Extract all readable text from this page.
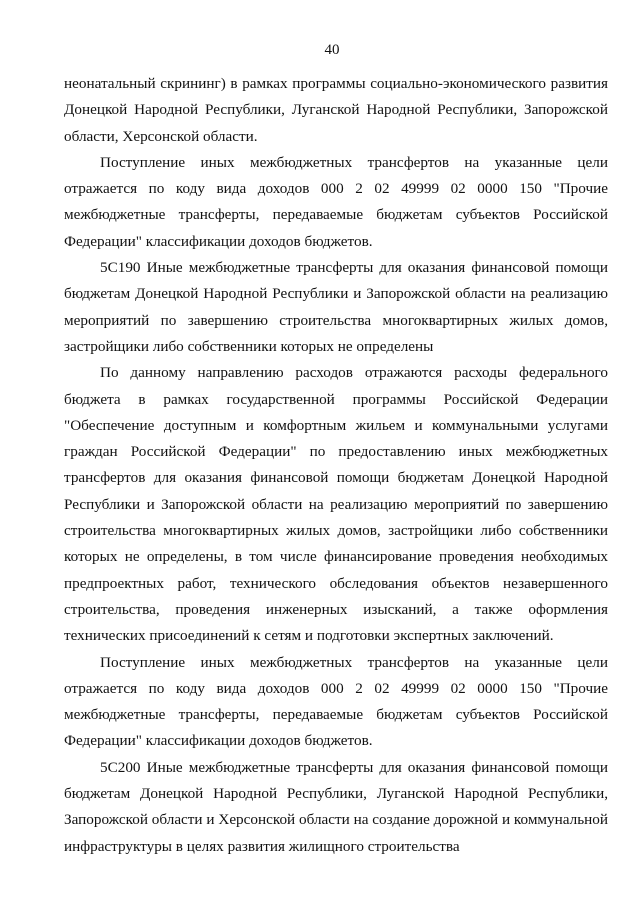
40

неонатальный скрининг) в рамках программы социально-экономического развития Донецкой Народной Республики, Луганской Народной Республики, Запорожской области, Херсонской области.

Поступление иных межбюджетных трансфертов на указанные цели отражается по коду вида доходов 000 2 02 49999 02 0000 150 "Прочие межбюджетные трансферты, передаваемые бюджетам субъектов Российской Федерации" классификации доходов бюджетов.

5С190 Иные межбюджетные трансферты для оказания финансовой помощи бюджетам Донецкой Народной Республики и Запорожской области на реализацию мероприятий по завершению строительства многоквартирных жилых домов, застройщики либо собственники которых не определены

По данному направлению расходов отражаются расходы федерального бюджета в рамках государственной программы Российской Федерации "Обеспечение доступным и комфортным жильем и коммунальными услугами граждан Российской Федерации" по предоставлению иных межбюджетных трансфертов для оказания финансовой помощи бюджетам Донецкой Народной Республики и Запорожской области на реализацию мероприятий по завершению строительства многоквартирных жилых домов, застройщики либо собственники которых не определены, в том числе финансирование проведения необходимых предпроектных работ, технического обследования объектов незавершенного строительства, проведения инженерных изысканий, а также оформления технических присоединений к сетям и подготовки экспертных заключений.

Поступление иных межбюджетных трансфертов на указанные цели отражается по коду вида доходов 000 2 02 49999 02 0000 150 "Прочие межбюджетные трансферты, передаваемые бюджетам субъектов Российской Федерации" классификации доходов бюджетов.

5С200 Иные межбюджетные трансферты для оказания финансовой помощи бюджетам Донецкой Народной Республики, Луганской Народной Республики, Запорожской области и Херсонской области на создание дорожной и коммунальной инфраструктуры в целях развития жилищного строительства
